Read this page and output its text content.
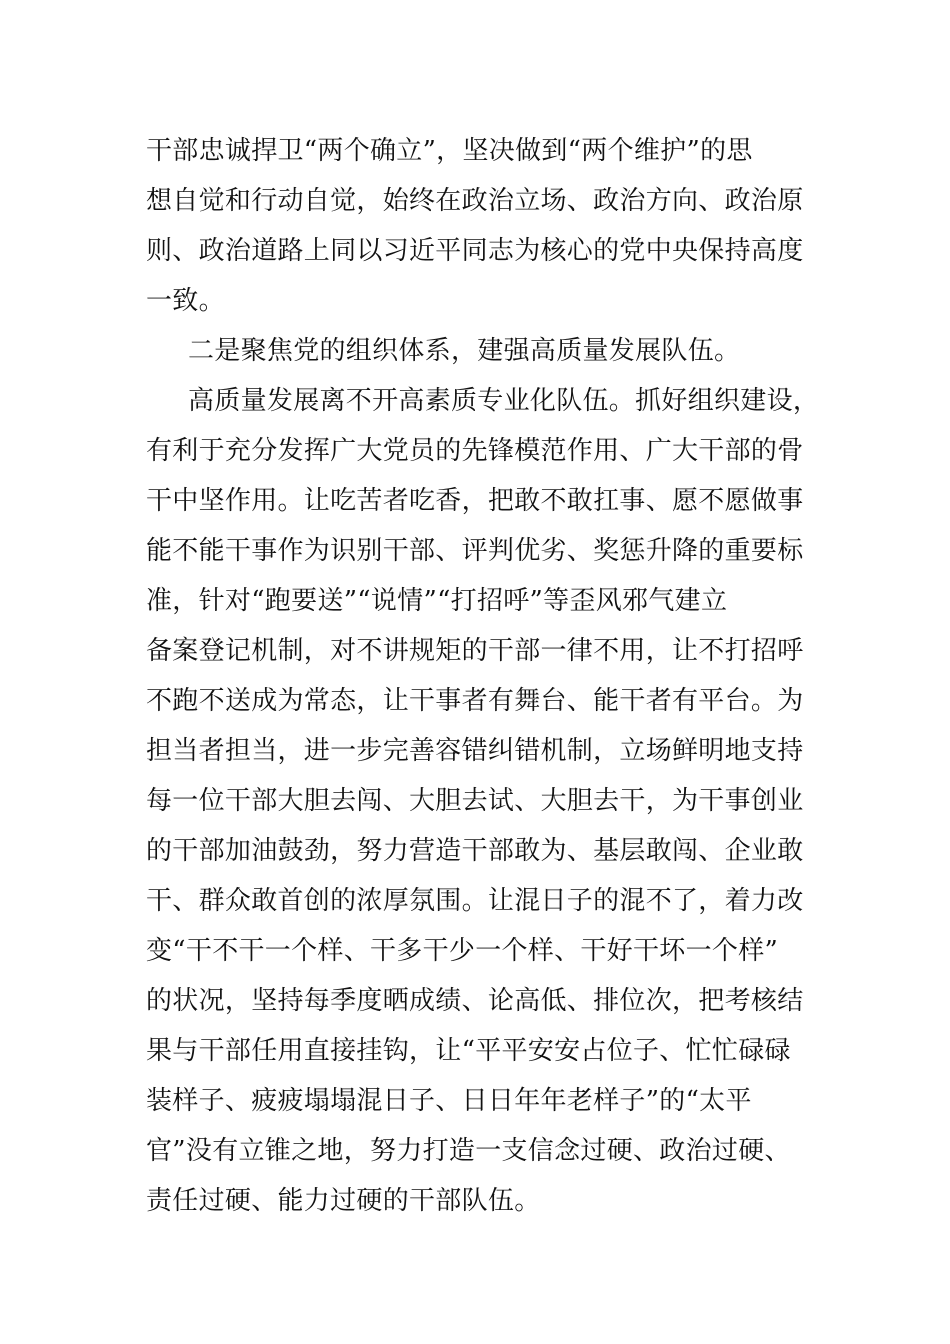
干部忠诚捍卫“两个确立”，坚决做到“两个维护”的思
想自觉和行动自觉，始终在政治立场、政治方向、政治原
则、政治道路上同以习近平同志为核心的党中央保持高度
一致。
二是聚焦党的组织体系，建强高质量发展队伍。
高质量发展离不开高素质专业化队伍。抓好组织建设，
有利于充分发挥广大党员的先锋模范作用、广大干部的骨
干中坚作用。让吃苦者吃香，把敢不敢扛事、愿不愿做事
能不能干事作为识别干部、评判优劣、奖惩升降的重要标
准，针对“跑要送”“说情”“打招呼”等歪风邪气建立
备案登记机制，对不讲规矩的干部一律不用，让不打招呼
不跑不送成为常态，让干事者有舞台、能干者有平台。为
担当者担当，进一步完善容错纠错机制，立场鲜明地支持
每一位干部大胆去闯、大胆去试、大胆去干，为干事创业
的干部加油鼓劲，努力营造干部敢为、基层敢闯、企业敢
干、群众敢首创的浓厚氛围。让混日子的混不了，着力改
变“干不干一个样、干多干少一个样、干好干坏一个样”
的状况，坚持每季度晒成绩、论高低、排位次，把考核结
果与干部任用直接挂钩，让“平平安安占位子、忙忙碌碌
装样子、疲疲塌塌混日子、日日年年老样子”的“太平
官”没有立锥之地，努力打造一支信念过硬、政治过硬、
责任过硬、能力过硬的干部队伍。
